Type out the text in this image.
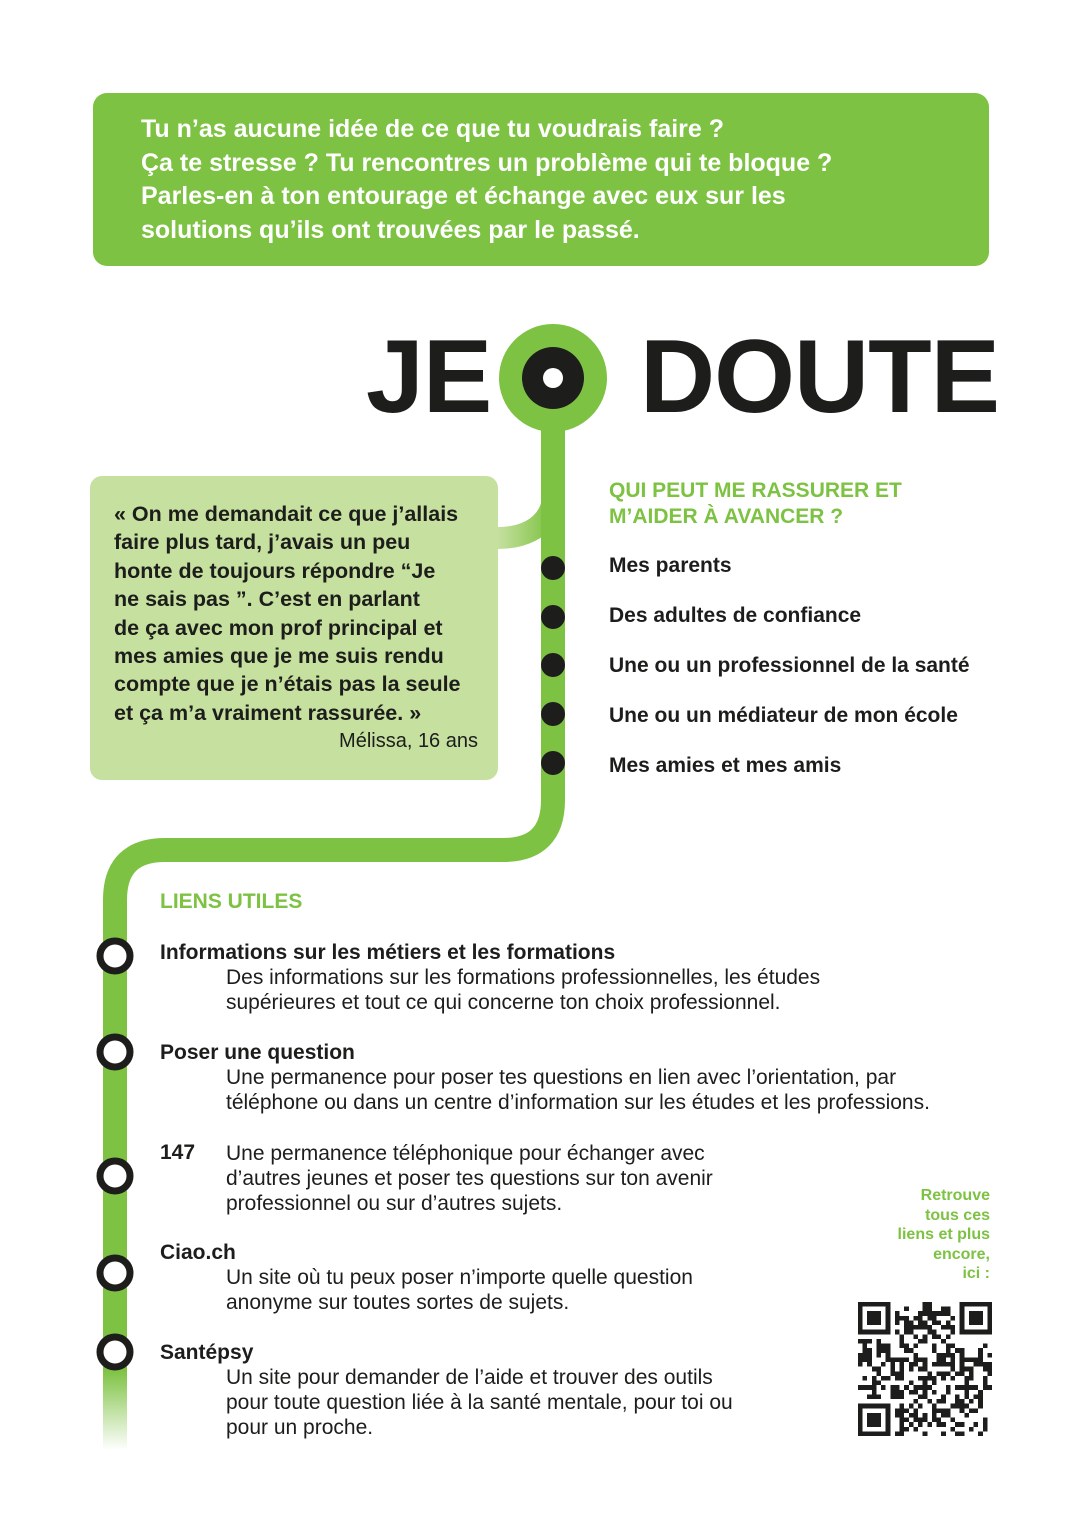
Tu n’as aucune idée de ce que tu voudrais faire ?
Ça te stresse ? Tu rencontres un problème qui te bloque ?
Parles-en à ton entourage et échange avec eux sur les
solutions qu’ils ont trouvées par le passé.
JE DOUTE
« On me demandait ce que j’allais
faire plus tard, j’avais un peu
honte de toujours répondre “Je
ne sais pas ”. C’est en parlant
de ça avec mon prof principal et
mes amies que je me suis rendu
compte que je n’étais pas la seule
et ça m’a vraiment rassurée. »
Mélissa, 16 ans
QUI PEUT ME RASSURER ET
M’AIDER À AVANCER ?
Mes parents
Des adultes de confiance
Une ou un professionnel de la santé
Une ou un médiateur de mon école
Mes amies et mes amis
LIENS UTILES
Informations sur les métiers et les formations
Des informations sur les formations professionnelles, les études
supérieures et tout ce qui concerne ton choix professionnel.
Poser une question
Une permanence pour poser tes questions en lien avec l’orientation, par
téléphone ou dans un centre d’information sur les études et les professions.
147	Une permanence téléphonique pour échanger avec
d’autres jeunes et poser tes questions sur ton avenir
professionnel ou sur d’autres sujets.
Ciao.ch
Un site où tu peux poser n’importe quelle question
anonyme sur toutes sortes de sujets.
Santépsy
Un site pour demander de l’aide et trouver des outils
pour toute question liée à la santé mentale, pour toi ou
pour un proche.
Retrouve
tous ces
liens et plus
encore,
ici :
